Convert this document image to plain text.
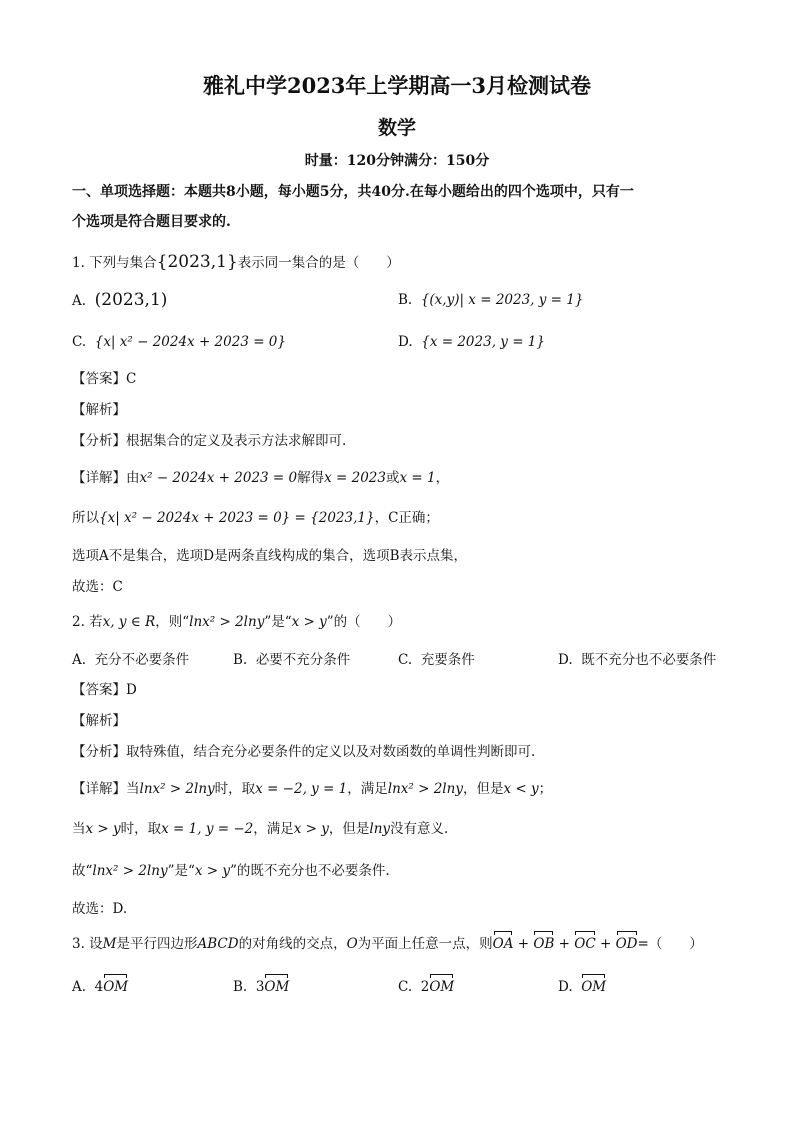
雅礼中学2023年上学期高一3月检测试卷
数学
时量：120分钟满分：150分
一、单项选择题：本题共8小题，每小题5分，共40分.在每小题给出的四个选项中，只有一
个选项是符合题目要求的.
1. 下列与集合{2023,1}表示同一集合的是（　　）
A. (2023,1)	B. {(x,y)| x = 2023, y = 1}
C. {x| x² − 2024x + 2023 = 0}	D. {x = 2023, y = 1}
【答案】C
【解析】
【分析】根据集合的定义及表示方法求解即可.
【详解】由x² − 2024x + 2023 = 0解得x = 2023或x = 1，
所以{x| x² − 2024x + 2023 = 0} = {2023,1}，C正确；
选项A不是集合，选项D是两条直线构成的集合，选项B表示点集，
故选：C
2. 若x, y ∈ R，则“lnx² > 2lny”是“x > y”的（　　）
A. 充分不必要条件	B. 必要不充分条件	C. 充要条件	D. 既不充分也不必要条件
【答案】D
【解析】
【分析】取特殊值，结合充分必要条件的定义以及对数函数的单调性判断即可.
【详解】当lnx² > 2lny时，取x = −2, y = 1，满足lnx² > 2lny，但是x < y；
当x > y时，取x = 1, y = −2，满足x > y，但是lny没有意义.
故“lnx² > 2lny”是“x > y”的既不充分也不必要条件.
故选：D.
3. 设M是平行四边形ABCD的对角线的交点，O为平面上任意一点，则OA + OB + OC + OD=（　　）
A. 4OM	B. 3OM	C. 2OM	D. OM
